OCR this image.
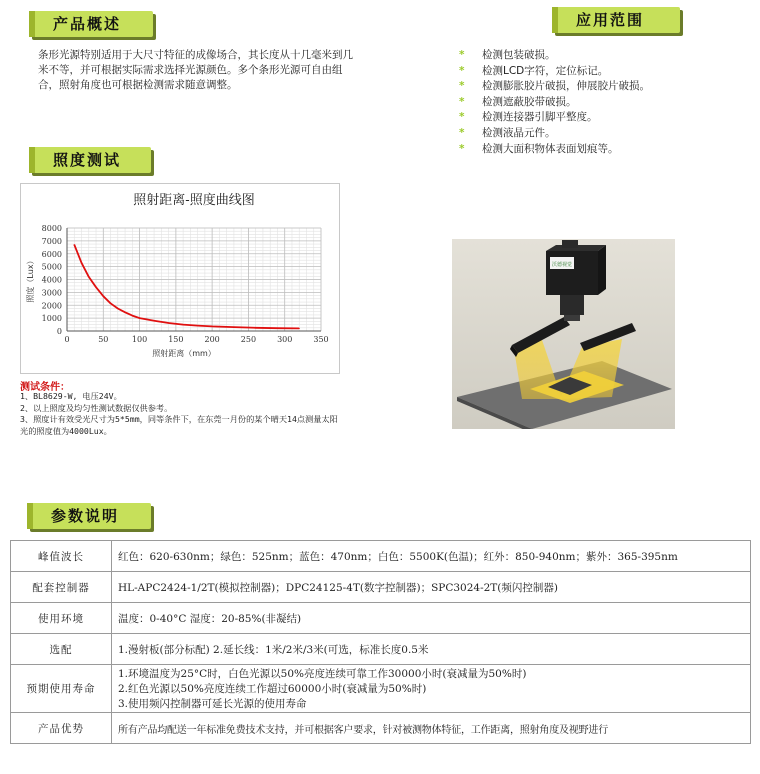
产品概述	应用范围
照度测试
参数说明
条形光源特别适用于大尺寸特征的成像场合，其长度从十几毫米到几米不等，并可根据实际需求选择光源颜色。多个条形光源可自由组合，照射角度也可根据检测需求随意调整。
* 检测包装破损。
* 检测LCD字符，定位标记。
* 检测膨胀胶片破损，伸展胶片破损。
* 检测遮蔽胶带破损。
* 检测连接器引脚平整度。
* 检测液晶元件。
* 检测大面积物体表面划痕等。
0	50	100	150	200	250	300	350
0
1000
2000
3000
4000
5000
6000
7000
8000
照射距离-照度曲线图
照射距离（mm）
照度（Lux）
测试条件：
1、BL8629-W, 电压24V。
2、以上照度及均匀性测试数据仅供参考。
3、照度计有效受光尺寸为5*5mm，同等条件下，在东莞一月份的某个晴天14点测量太阳光的照度值为4000Lux。
沃德视觉
峰值波长	红色：620-630nm；绿色：525nm；蓝色：470nm；白色：5500K(色温)；红外：850-940nm；紫外：365-395nm
配套控制器	HL-APC2424-1/2T(模拟控制器)；DPC24125-4T(数字控制器)；SPC3024-2T(频闪控制器)
使用环境	温度：0-40°C 湿度：20-85%(非凝结)
选配	1.漫射板(部分标配) 2.延长线：1米/2米/3米(可选，标准长度0.5米
预期使用寿命	1.环境温度为25°C时，白色光源以50%亮度连续可靠工作30000小时(衰减量为50%时)
2.红色光源以50%亮度连续工作超过60000小时(衰减量为50%时)
3.使用频闪控制器可延长光源的使用寿命

产品优势	所有产品均配送一年标准免费技术支持，并可根据客户要求，针对被测物体特征，工作距离，照射角度及视野进行
